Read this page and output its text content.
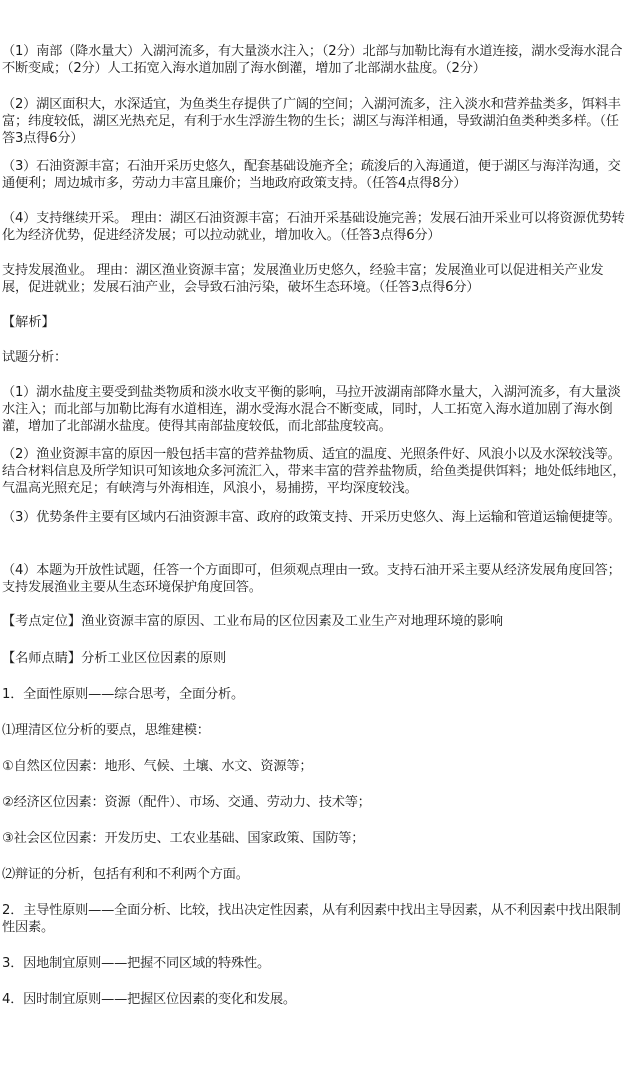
（1）南部（降水量大）入湖河流多，有大量淡水注入；（2分）北部与加勒比海有水道连接，湖水受海水混合不断变咸；（2分）人工拓宽入海水道加剧了海水倒灌，增加了北部湖水盐度。（2分）

（2）湖区面积大，水深适宜，为鱼类生存提供了广阔的空间；入湖河流多，注入淡水和营养盐类多，饵料丰富；纬度较低，湖区光热充足，有利于水生浮游生物的生长；湖区与海洋相通，导致湖泊鱼类种类多样。（任答3点得6分）

（3）石油资源丰富；石油开采历史悠久，配套基础设施齐全；疏浚后的入海通道，便于湖区与海洋沟通，交通便利；周边城市多，劳动力丰富且廉价；当地政府政策支持。（任答4点得8分）

（4）支持继续开采。 理由：湖区石油资源丰富；石油开采基础设施完善；发展石油开采业可以将资源优势转化为经济优势，促进经济发展；可以拉动就业，增加收入。（任答3点得6分）

支持发展渔业。 理由：湖区渔业资源丰富；发展渔业历史悠久，经验丰富；发展渔业可以促进相关产业发展，促进就业；发展石油产业，会导致石油污染，破坏生态环境。（任答3点得6分）

【解析】

试题分析：

（1）湖水盐度主要受到盐类物质和淡水收支平衡的影响，马拉开波湖南部降水量大，入湖河流多，有大量淡水注入；而北部与加勒比海有水道相连，湖水受海水混合不断变咸，同时，人工拓宽入海水道加剧了海水倒灌，增加了北部湖水盐度。使得其南部盐度较低，而北部盐度较高。

（2）渔业资源丰富的原因一般包括丰富的营养盐物质、适宜的温度、光照条件好、风浪小以及水深较浅等。结合材料信息及所学知识可知该地众多河流汇入，带来丰富的营养盐物质，给鱼类提供饵料；地处低纬地区，气温高光照充足；有峡湾与外海相连，风浪小，易捕捞，平均深度较浅。

（3）优势条件主要有区域内石油资源丰富、政府的政策支持、开采历史悠久、海上运输和管道运输便捷等。

（4）本题为开放性试题，任答一个方面即可，但须观点理由一致。支持石油开采主要从经济发展角度回答；支持发展渔业主要从生态环境保护角度回答。

【考点定位】渔业资源丰富的原因、工业布局的区位因素及工业生产对地理环境的影响

【名师点睛】分析工业区位因素的原则

1．全面性原则——综合思考，全面分析。

⑴理清区位分析的要点，思维建模：

①自然区位因素：地形、气候、土壤、水文、资源等；

②经济区位因素：资源（配件）、市场、交通、劳动力、技术等；

③社会区位因素：开发历史、工农业基础、国家政策、国防等；

⑵辩证的分析，包括有利和不利两个方面。

2．主导性原则——全面分析、比较，找出决定性因素，从有利因素中找出主导因素，从不利因素中找出限制性因素。

3．因地制宜原则——把握不同区域的特殊性。

4．因时制宜原则——把握区位因素的变化和发展。
